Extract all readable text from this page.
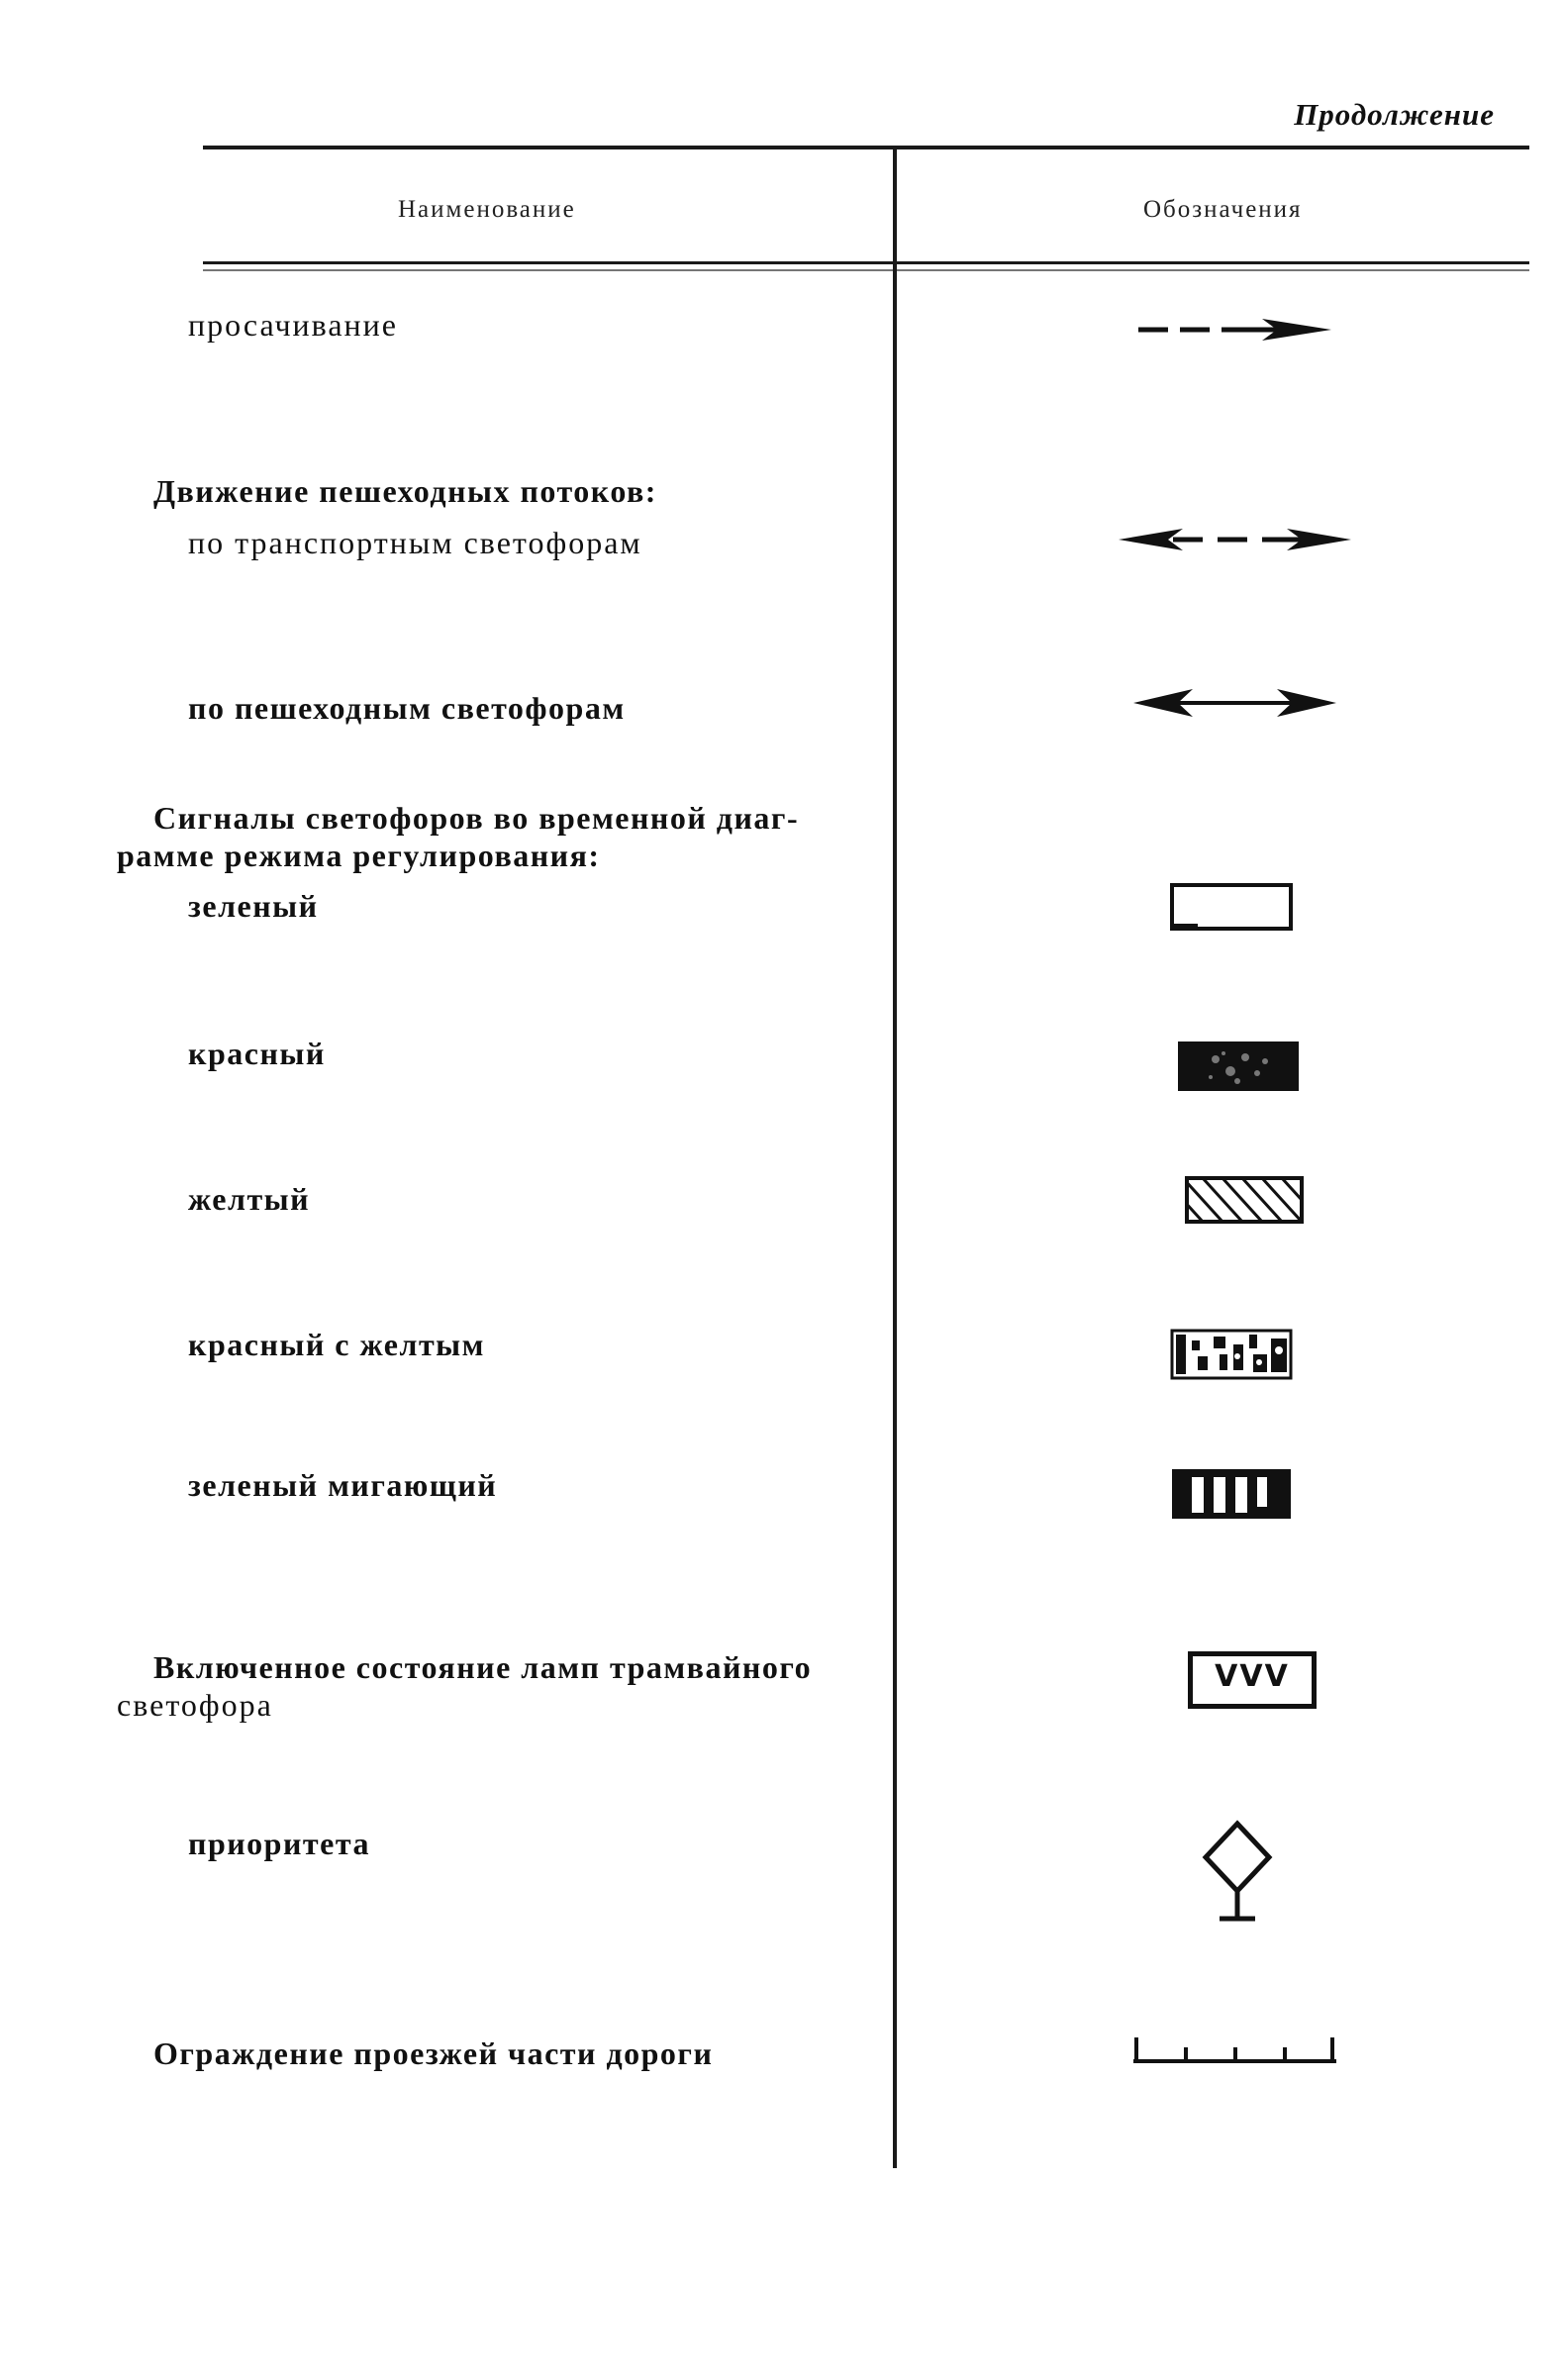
Продолжение
Наименование	Обозначения
просачивание
Движение пешеходных потоков:
по транспортным светофорам
по пешеходным светофорам
Сигналы светофоров во временной диаг-
рамме режима регулирования:
зеленый
красный
желтый
красный с желтым
зеленый мигающий
Включенное состояние ламп трамвайного
светофора
VVV
приоритета
Ограждение проезжей части дороги
